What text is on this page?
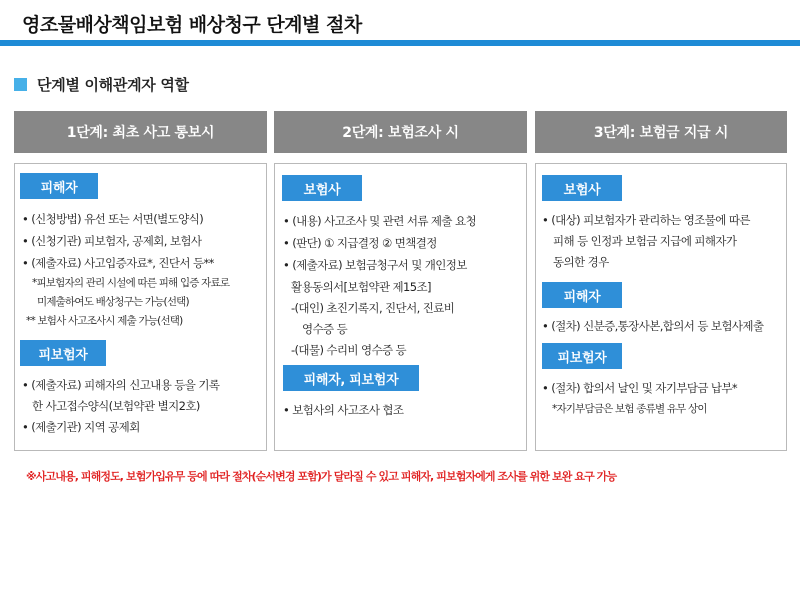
영조물배상책임보험 배상청구 단계별 절차
단계별 이해관계자 역할
1단계: 최초 사고 통보시	2단계: 보험조사 시	3단계: 보험금 지급 시
피해자
• (신청방법) 유선 또는 서면(별도양식)
• (신청기관) 피보험자, 공제회, 보험사
• (제출자료) 사고입증자료*, 진단서 등**
*피보험자의 관리 시설에 따른 피해 입증 자료로
미제출하여도 배상청구는 가능(선택)
** 보험사 사고조사시 제출 가능(선택)
피보험자
• (제출자료) 피해자의 신고내용 등을 기록
한 사고접수양식(보험약관 별지2호)
• (제출기관) 지역 공제회
보험사
• (내용) 사고조사 및 관련 서류 제출 요청
• (판단) ① 지급결정 ② 면책결정
• (제출자료) 보험금청구서 및 개인정보
활용동의서[보험약관 제15조]
-(대인) 초진기록지, 진단서, 진료비
영수증 등
-(대물) 수리비 영수증 등
피해자, 피보험자
• 보험사의 사고조사 협조
보험사
• (대상) 피보험자가 관리하는 영조물에 따른
피해 등 인정과 보험금 지급에 피해자가
동의한 경우
피해자
• (절차) 신분증,통장사본,합의서 등 보험사제출
피보험자
• (절차) 합의서 날인 및 자기부담금 납부*
*자기부담금은 보험 종류별 유무 상이
※사고내용, 피해정도, 보험가입유무 등에 따라 절차(순서변경 포함)가 달라질 수 있고 피해자, 피보험자에게 조사를 위한 보완 요구 가능
